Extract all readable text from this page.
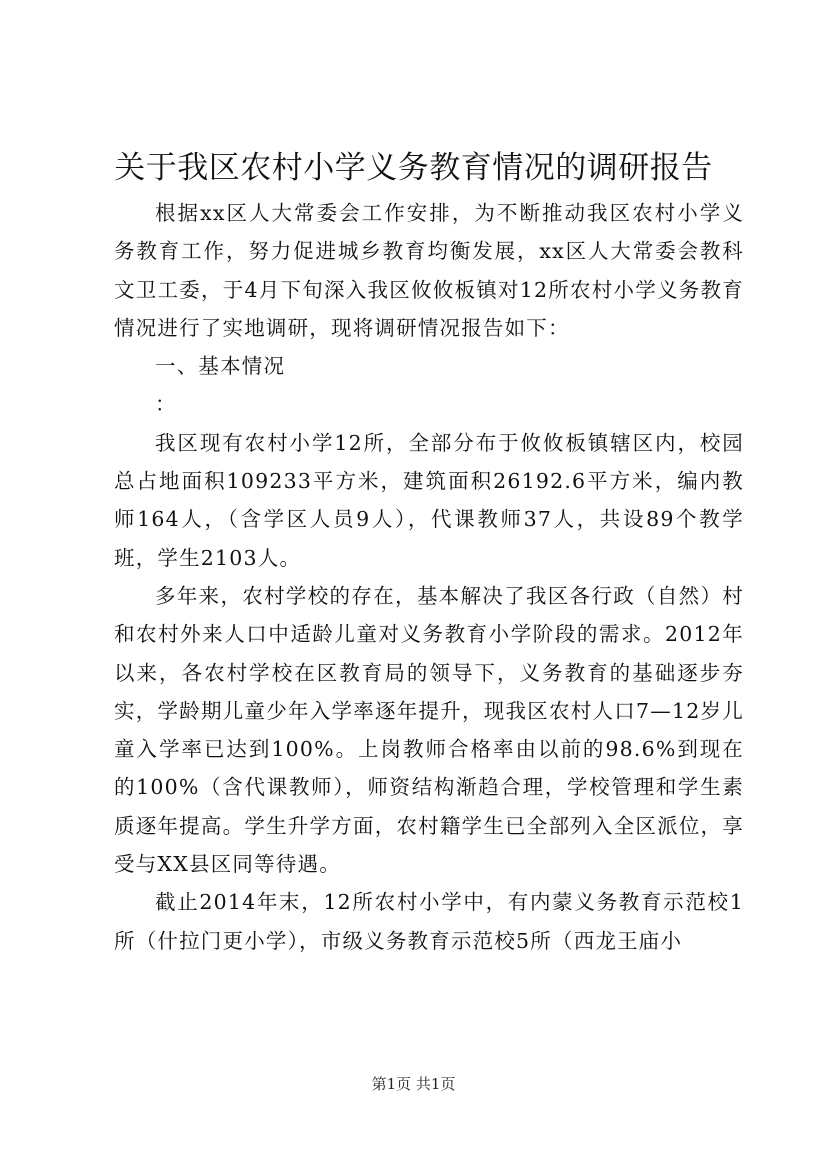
关于我区农村小学义务教育情况的调研报告

根据xx区人大常委会工作安排，为不断推动我区农村小学义务教育工作，努力促进城乡教育均衡发展，xx区人大常委会教科文卫工委，于4月下旬深入我区攸攸板镇对12所农村小学义务教育情况进行了实地调研，现将调研情况报告如下：

一、基本情况

：

我区现有农村小学12所，全部分布于攸攸板镇辖区内，校园总占地面积109233平方米，建筑面积26192.6平方米，编内教师164人，（含学区人员9人），代课教师37人，共设89个教学班，学生2103人。

多年来，农村学校的存在，基本解决了我区各行政（自然）村和农村外来人口中适龄儿童对义务教育小学阶段的需求。2012年以来，各农村学校在区教育局的领导下，义务教育的基础逐步夯实，学龄期儿童少年入学率逐年提升，现我区农村人口7—12岁儿童入学率已达到100%。上岗教师合格率由以前的98.6%到现在的100%（含代课教师），师资结构渐趋合理，学校管理和学生素质逐年提高。学生升学方面，农村籍学生已全部列入全区派位，享受与XX县区同等待遇。

截止2014年末，12所农村小学中，有内蒙义务教育示范校1所（什拉门更小学），市级义务教育示范校5所（西龙王庙小

第1页 共1页
